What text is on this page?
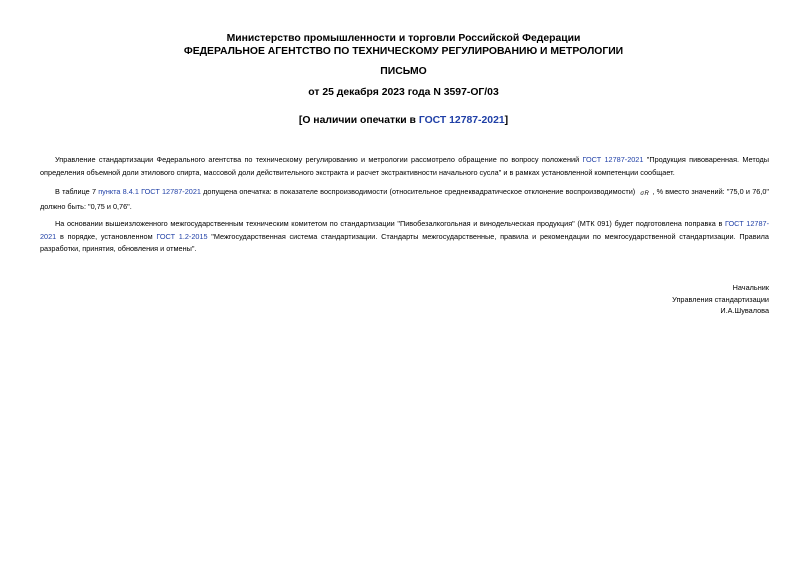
Министерство промышленности и торговли Российской Федерации
ФЕДЕРАЛЬНОЕ АГЕНТСТВО ПО ТЕХНИЧЕСКОМУ РЕГУЛИРОВАНИЮ И МЕТРОЛОГИИ
ПИСЬМО
от 25 декабря 2023 года N 3597-ОГ/03
[О наличии опечатки в ГОСТ 12787-2021]
Управление стандартизации Федерального агентства по техническому регулированию и метрологии рассмотрело обращение по вопросу положений ГОСТ 12787-2021 "Продукция пивоваренная. Методы определения объемной доли этилового спирта, массовой доли действительного экстракта и расчет экстрактивности начального сусла" и в рамках установленной компетенции сообщает.
В таблице 7 пункта 8.4.1 ГОСТ 12787-2021 допущена опечатка: в показателе воспроизводимости (относительное среднеквадратическое отклонение воспроизводимости) σR , % вместо значений: "75,0 и 76,0" должно быть: "0,75 и 0,76".
На основании вышеизложенного межгосударственным техническим комитетом по стандартизации "Пивобезалкогольная и винодельческая продукция" (МТК 091) будет подготовлена поправка в ГОСТ 12787-2021 в порядке, установленном ГОСТ 1.2-2015 "Межгосударственная система стандартизации. Стандарты межгосударственные, правила и рекомендации по межгосударственной стандартизации. Правила разработки, принятия, обновления и отмены".
Начальник
Управления стандартизации
И.А.Шувалова
